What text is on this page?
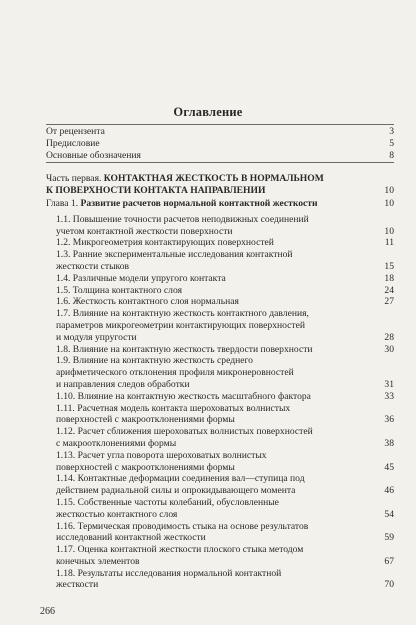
Оглавление
От рецензента	3
Предисловие	5
Основные обозначения	8
Часть первая. КОНТАКТНАЯ ЖЕСТКОСТЬ В НОРМАЛЬНОМ
К ПОВЕРХНОСТИ КОНТАКТА НАПРАВЛЕНИИ	10
Глава 1. Развитие расчетов нормальной контактной жесткости	10
1.1. Повышение точности расчетов неподвижных соединений
учетом контактной жесткости поверхности	10
1.2. Микрогеометрия контактирующих поверхностей	11
1.3. Ранние экспериментальные исследования контактной
жесткости стыков	15
1.4. Различные модели упругого контакта	18
1.5. Толщина контактного слоя	24
1.6. Жесткость контактного слоя нормальная	27
1.7. Влияние на контактную жесткость контактного давления,
параметров микрогеометрии контактирующих поверхностей
и модуля упругости	28
1.8. Влияние на контактную жесткость твердости поверхности	30
1.9. Влияние на контактную жесткость среднего
арифметического отклонения профиля микронеровностей
и направления следов обработки	31
1.10. Влияние на контактную жесткость масштабного фактора	33
1.11. Расчетная модель контакта шероховатых волнистых
поверхностей с макроотклонениями формы	36
1.12. Расчет сближения шероховатых волнистых поверхностей
с макроотклонениями формы	38
1.13. Расчет угла поворота шероховатых волнистых
поверхностей с макроотклонениями формы	45
1.14. Контактные деформации соединения вал—ступица под
действием радиальной силы и опрокидывающего момента	46
1.15. Собственные частоты колебаний, обусловленные
жесткостью контактного слоя	54
1.16. Термическая проводимость стыка на основе результатов
исследований контактной жесткости	59
1.17. Оценка контактной жесткости плоского стыка методом
конечных элементов	67
1.18. Результаты исследования нормальной контактной
жесткости	70
266
